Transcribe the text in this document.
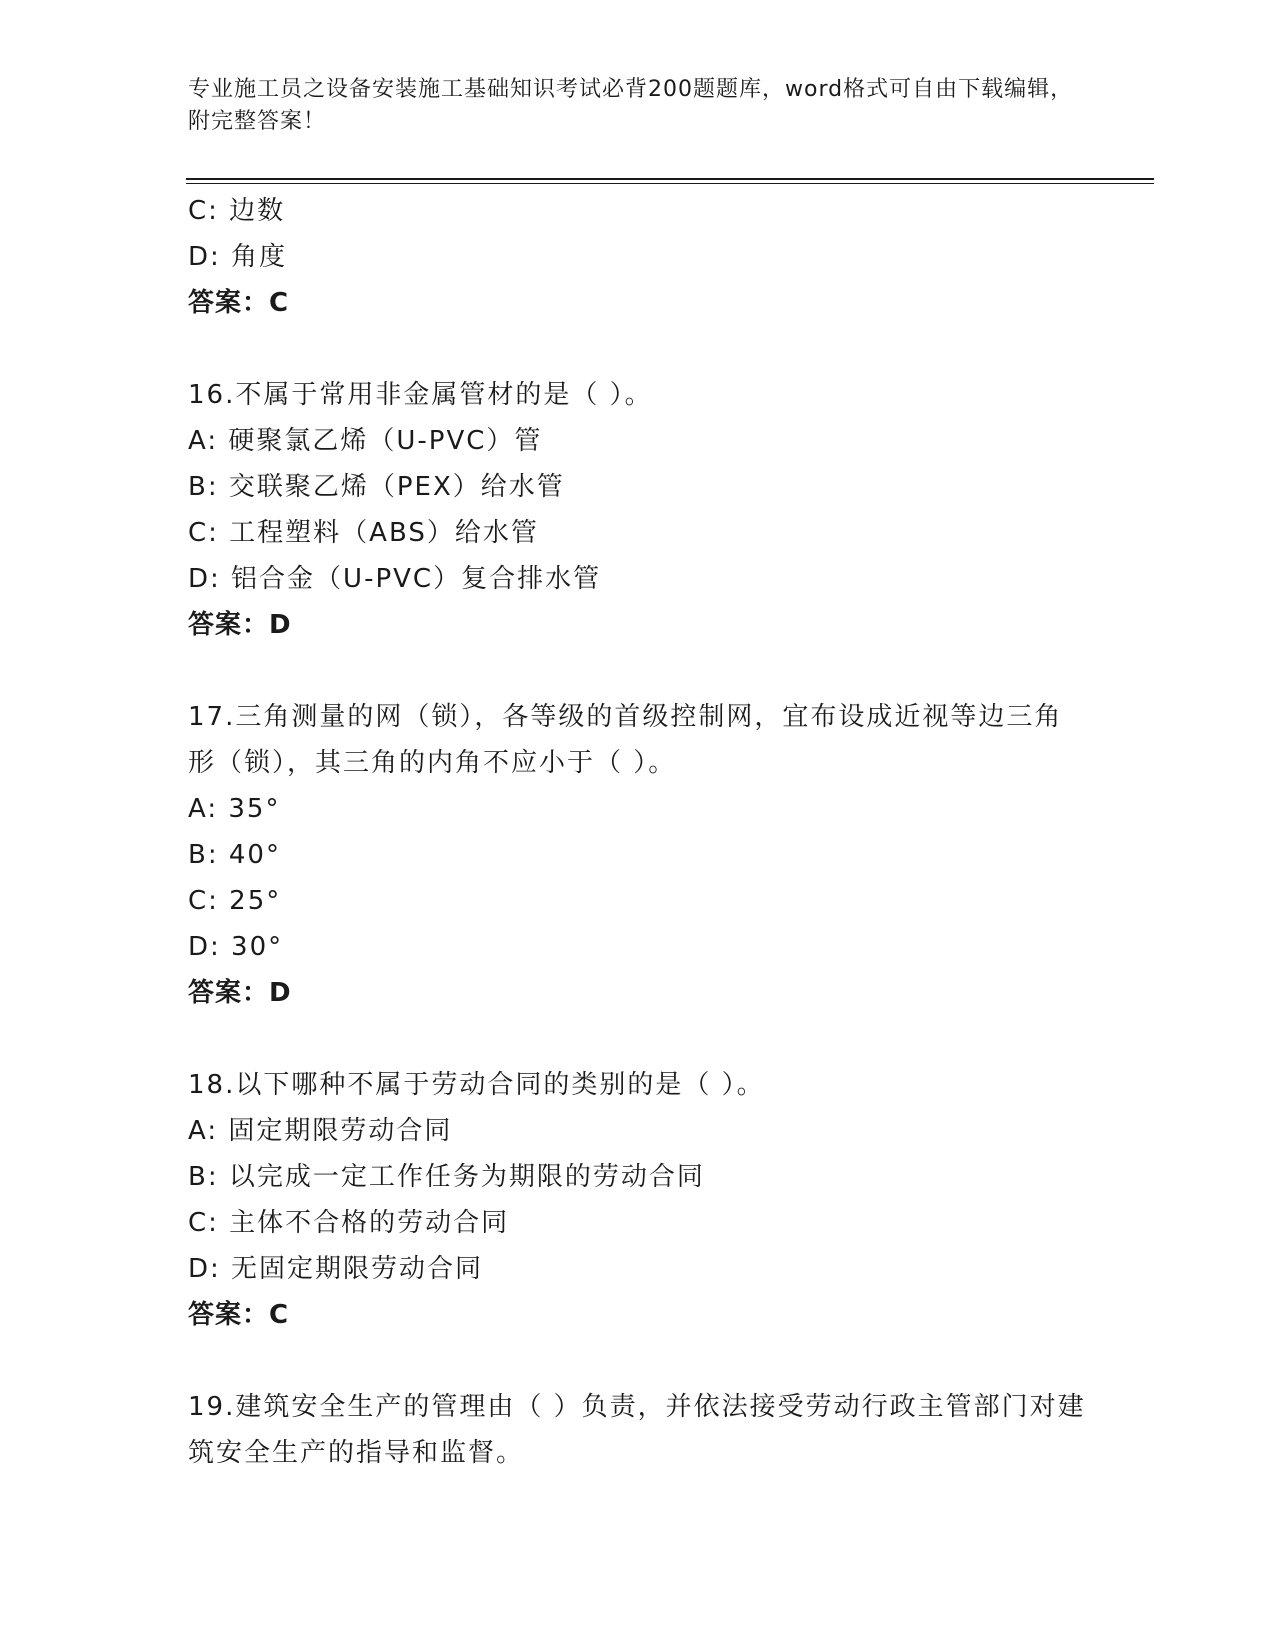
专业施工员之设备安装施工基础知识考试必背200题题库，word格式可自由下载编辑，附完整答案！
C: 边数
D: 角度
答案：C
16.不属于常用非金属管材的是（ ）。
A: 硬聚氯乙烯（U-PVC）管
B: 交联聚乙烯（PEX）给水管
C: 工程塑料（ABS）给水管
D: 铝合金（U-PVC）复合排水管
答案：D
17.三角测量的网（锁），各等级的首级控制网，宜布设成近视等边三角形（锁），其三角的内角不应小于（ ）。
A: 35°
B: 40°
C: 25°
D: 30°
答案：D
18.以下哪种不属于劳动合同的类别的是（ ）。
A: 固定期限劳动合同
B: 以完成一定工作任务为期限的劳动合同
C: 主体不合格的劳动合同
D: 无固定期限劳动合同
答案：C
19.建筑安全生产的管理由（ ）负责，并依法接受劳动行政主管部门对建筑安全生产的指导和监督。
